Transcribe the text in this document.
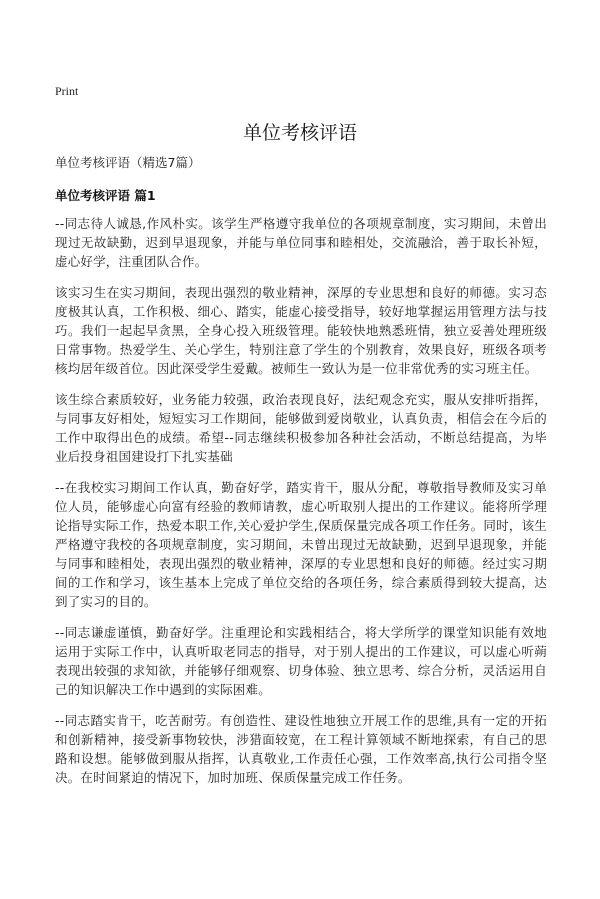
Print
单位考核评语

单位考核评语（精选7篇）

单位考核评语 篇1

--同志待人诚恳,作风朴实。该学生严格遵守我单位的各项规章制度，实习期间，未曾出现过无故缺勤，迟到早退现象，并能与单位同事和睦相处，交流融洽，善于取长补短，虚心好学，注重团队合作。

该实习生在实习期间，表现出强烈的敬业精神，深厚的专业思想和良好的师德。实习态度极其认真，工作积极、细心、踏实，能虚心接受指导，较好地掌握运用管理方法与技巧。我们一起起早贪黑，全身心投入班级管理。能较快地熟悉班情，独立妥善处理班级日常事物。热爱学生、关心学生，特别注意了学生的个别教育，效果良好，班级各项考核均居年级首位。因此深受学生爱戴。被师生一致认为是一位非常优秀的实习班主任。

该生综合素质较好，业务能力较强，政治表现良好，法纪观念充实，服从安排听指挥，与同事友好相处，短短实习工作期间，能够做到爱岗敬业，认真负责，相信会在今后的工作中取得出色的成绩。希望--同志继续积极参加各种社会活动，不断总结提高，为毕业后投身祖国建设打下扎实基础

--在我校实习期间工作认真，勤奋好学，踏实肯干，服从分配，尊敬指导教师及实习单位人员，能够虚心向富有经验的教师请教，虚心听取别人提出的工作建议。能将所学理论指导实际工作，热爱本职工作,关心爱护学生,保质保量完成各项工作任务。同时，该生严格遵守我校的各项规章制度，实习期间，未曾出现过无故缺勤，迟到早退现象，并能与同事和睦相处，表现出强烈的敬业精神，深厚的专业思想和良好的师德。经过实习期间的工作和学习，该生基本上完成了单位交给的各项任务，综合素质得到较大提高，达到了实习的目的。

--同志谦虚谨慎，勤奋好学。注重理论和实践相结合，将大学所学的课堂知识能有效地运用于实际工作中，认真听取老同志的指导，对于别人提出的工作建议，可以虚心听蒴表现出较强的求知欲，并能够仔细观察、切身体验、独立思考、综合分析，灵活运用自己的知识解决工作中遇到的实际困难。

--同志踏实肯干，吃苦耐劳。有创造性、建设性地独立开展工作的思维,具有一定的开拓和创新精神，接受新事物较快，涉猎面较宽，在工程计算领域不断地探索，有自己的思路和设想。能够做到服从指挥，认真敬业,工作责任心强，工作效率高,执行公司指令坚决。在时间紧迫的情况下，加时加班、保质保量完成工作任务。
